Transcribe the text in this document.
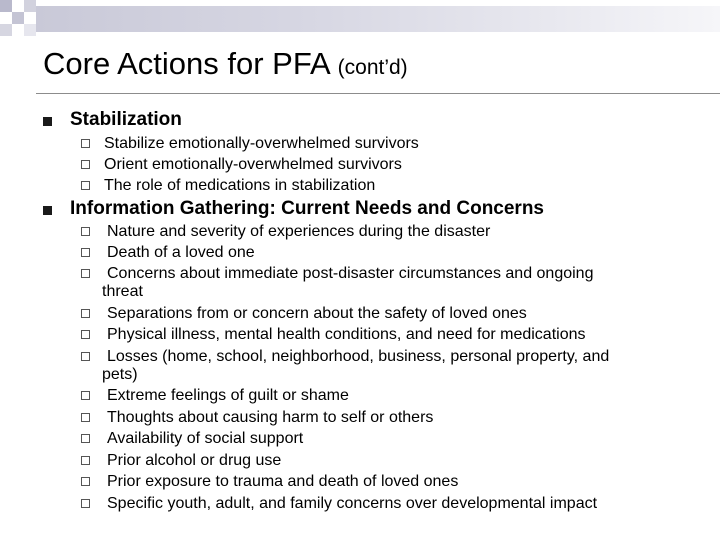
Core Actions for PFA (cont’d)
Stabilization
Stabilize emotionally-overwhelmed survivors
Orient emotionally-overwhelmed survivors
The role of medications in stabilization
Information Gathering: Current Needs and Concerns
Nature and severity of experiences during the disaster
Death of a loved one
Concerns about immediate post-disaster circumstances and ongoing
threat
Separations from or concern about the safety of loved ones
Physical illness, mental health conditions, and need for medications
Losses (home, school, neighborhood, business, personal property, and
pets)
Extreme feelings of guilt or shame
Thoughts about causing harm to self or others
Availability of social support
Prior alcohol or drug use
Prior exposure to trauma and death of loved ones
Specific youth, adult, and family concerns over developmental impact
